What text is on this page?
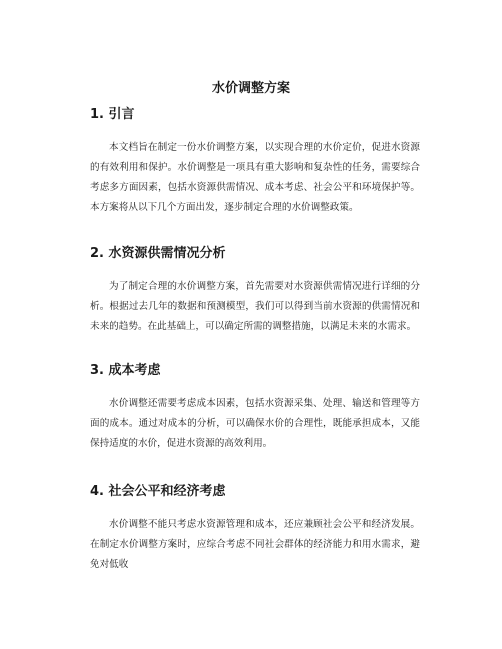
水价调整方案
1. 引言

本文档旨在制定一份水价调整方案，以实现合理的水价定价，促进水资源的有效利用和保护。水价调整是一项具有重大影响和复杂性的任务，需要综合考虑多方面因素，包括水资源供需情况、成本考虑、社会公平和环境保护等。本方案将从以下几个方面出发，逐步制定合理的水价调整政策。

2. 水资源供需情况分析

为了制定合理的水价调整方案，首先需要对水资源供需情况进行详细的分析。根据过去几年的数据和预测模型，我们可以得到当前水资源的供需情况和未来的趋势。在此基础上，可以确定所需的调整措施，以满足未来的水需求。

3. 成本考虑

水价调整还需要考虑成本因素，包括水资源采集、处理、输送和管理等方面的成本。通过对成本的分析，可以确保水价的合理性，既能承担成本，又能保持适度的水价，促进水资源的高效利用。

4. 社会公平和经济考虑

水价调整不能只考虑水资源管理和成本，还应兼顾社会公平和经济发展。在制定水价调整方案时，应综合考虑不同社会群体的经济能力和用水需求，避免对低收
